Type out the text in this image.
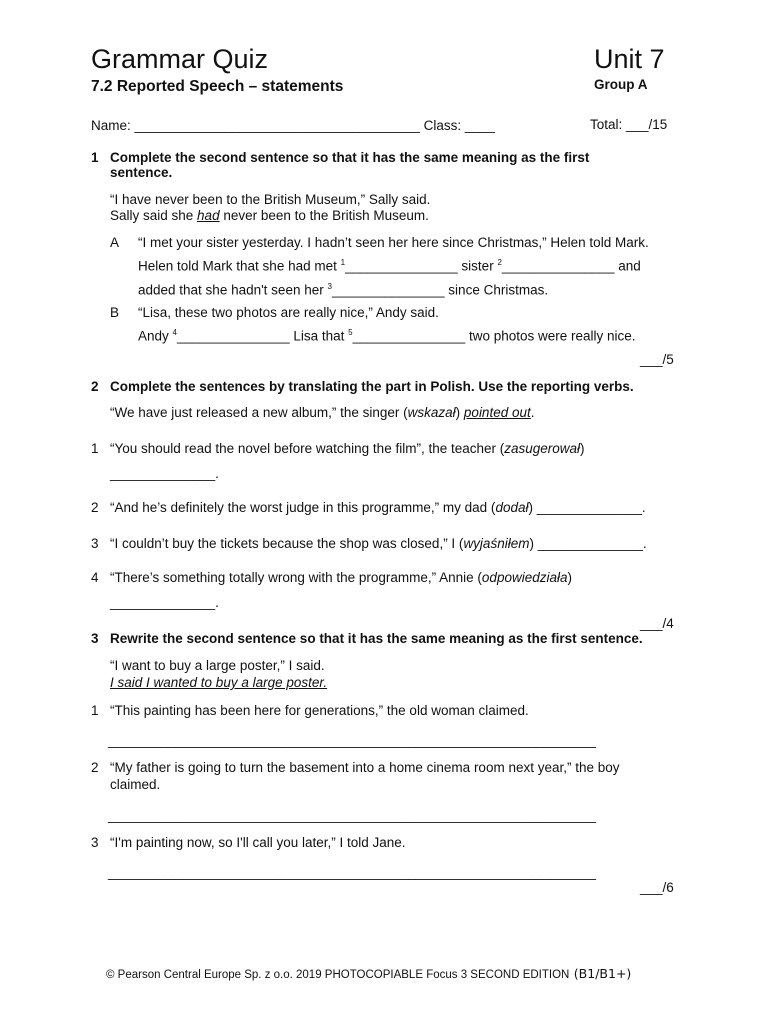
Grammar Quiz	Unit 7
7.2 Reported Speech – statements	Group A
Name: ______________________________________ Class: ____	Total: ___/15
1 Complete the second sentence so that it has the same meaning as the first
sentence.
“I have never been to the British Museum,” Sally said.
Sally said she had never been to the British Museum.
A “I met your sister yesterday. I hadn’t seen her here since Christmas,” Helen told Mark.
Helen told Mark that she had met $^1$_______________ sister $^2$_______________ and
added that she hadn't seen her $^3$_______________ since Christmas.
B “Lisa, these two photos are really nice,” Andy said.
Andy $^4$_______________ Lisa that $^5$_______________ two photos were really nice.
___/5
2 Complete the sentences by translating the part in Polish. Use the reporting verbs.
“We have just released a new album,” the singer (wskazał) pointed out.
1 “You should read the novel before watching the film”, the teacher (zasugerował)
______________.
2 “And he’s definitely the worst judge in this programme,” my dad (dodał) ______________.
3 “I couldn’t buy the tickets because the shop was closed,” I (wyjaśniłem) ______________.
4 “There’s something totally wrong with the programme,” Annie (odpowiedziała)
______________.
___/4
3 Rewrite the second sentence so that it has the same meaning as the first sentence.
“I want to buy a large poster,” I said.
I said I wanted to buy a large poster.
1 “This painting has been here for generations,” the old woman claimed.
_________________________________________________________________
2 “My father is going to turn the basement into a home cinema room next year,” the boy
claimed.
_________________________________________________________________
3 “I'm painting now, so I'll call you later,” I told Jane.
_________________________________________________________________
___/6
© Pearson Central Europe Sp. z o.o. 2019 PHOTOCOPIABLE Focus 3 SECOND EDITION (B1/B1+)
